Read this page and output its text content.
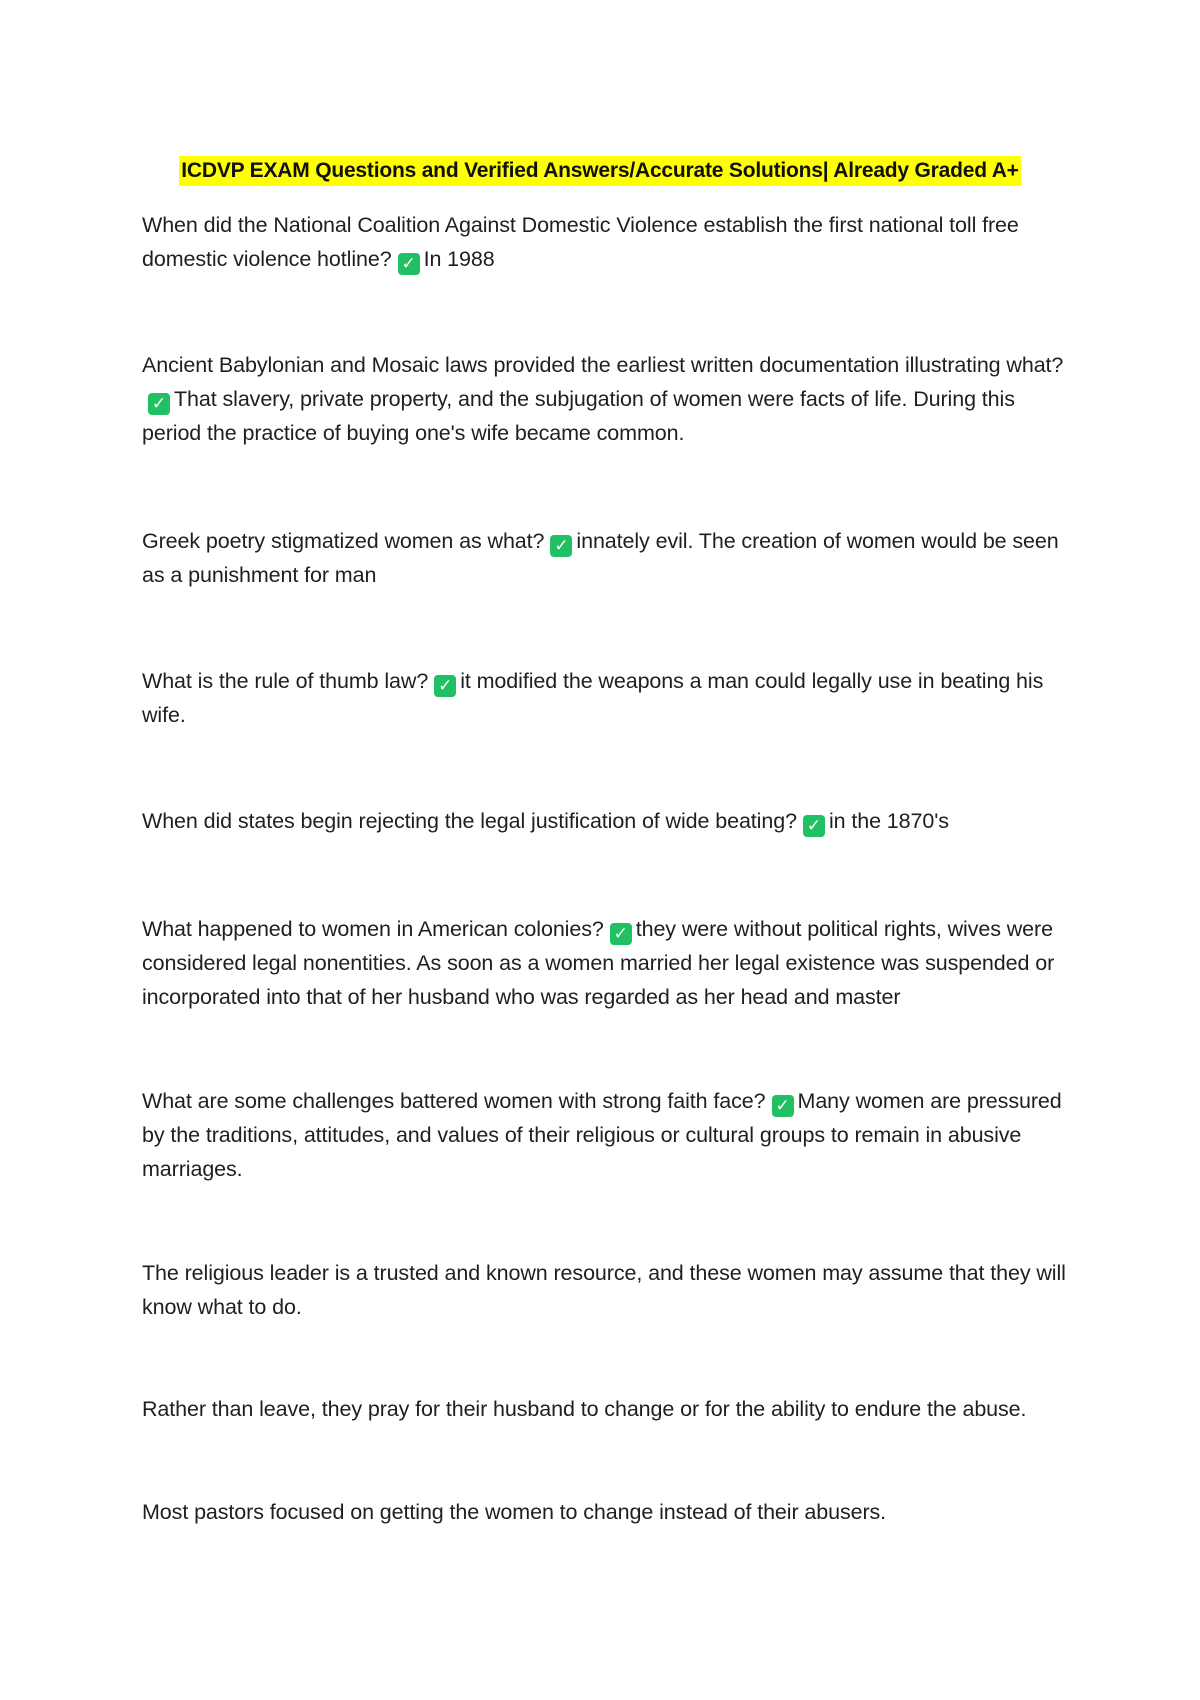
ICDVP EXAM Questions and Verified Answers/Accurate Solutions| Already Graded A+

When did the National Coalition Against Domestic Violence establish the first national toll free domestic violence hotline? ✓ In 1988

Ancient Babylonian and Mosaic laws provided the earliest written documentation illustrating what?✓ That slavery, private property, and the subjugation of women were facts of life. During this period the practice of buying one's wife became common.

Greek poetry stigmatized women as what? ✓ innately evil. The creation of women would be seen as a punishment for man

What is the rule of thumb law? ✓ it modified the weapons a man could legally use in beating his wife.

When did states begin rejecting the legal justification of wide beating? ✓ in the 1870's

What happened to women in American colonies? ✓ they were without political rights, wives were considered legal nonentities. As soon as a women married her legal existence was suspended or incorporated into that of her husband who was regarded as her head and master

What are some challenges battered women with strong faith face? ✓ Many women are pressured by the traditions, attitudes, and values of their religious or cultural groups to remain in abusive marriages.

The religious leader is a trusted and known resource, and these women may assume that they will know what to do.

Rather than leave, they pray for their husband to change or for the ability to endure the abuse.

Most pastors focused on getting the women to change instead of their abusers.
